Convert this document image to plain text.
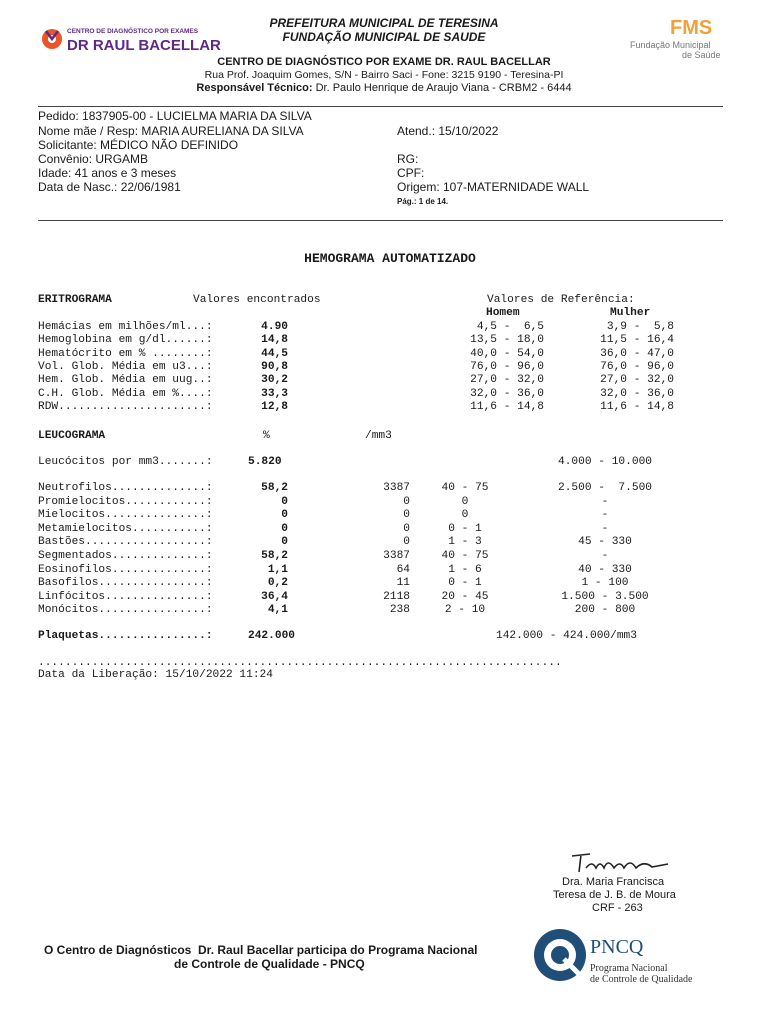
CENTRO DE DIAGNÓSTICO POR EXAMES
DR RAUL BACELLAR
FMS
Fundação Municipal
de Saúde
PREFEITURA MUNICIPAL DE TERESINA
FUNDAÇÃO MUNICIPAL DE SAUDE
CENTRO DE DIAGNÓSTICO POR EXAME DR. RAUL BACELLAR
Rua Prof. Joaquim Gomes, S/N - Bairro Saci - Fone: 3215 9190 - Teresina-PI
Responsável Técnico: Dr. Paulo Henrique de Araujo Viana - CRBM2 - 6444
Pedido: 1837905-00 - LUCIELMA MARIA DA SILVA
Nome mãe / Resp: MARIA AURELIANA DA SILVA	Atend.: 15/10/2022
Solicitante: MÉDICO NÃO DEFINIDO
Convênio: URGAMB	RG:
Idade: 41 anos e 3 meses	CPF:
Data de Nasc.: 22/06/1981	Origem: 107-MATERNIDADE WALL
Pág.: 1 de 14.
HEMOGRAMA AUTOMATIZADO
ERITROGRAMA	Valores encontrados	Valores de Referência:
Homem	Mulher
Hemácias em milhões/ml...:	4.90	4,5 -  6,5	3,9 -  5,8
Hemoglobina em g/dl......:	14,8	13,5 - 18,0	11,5 - 16,4
Hematócrito em % ........:	44,5	40,0 - 54,0	36,0 - 47,0
Vol. Glob. Média em u3...:	90,8	76,0 - 96,0	76,0 - 96,0
Hem. Glob. Média em uug..:	30,2	27,0 - 32,0	27,0 - 32,0
C.H. Glob. Média em %....:	33,3	32,0 - 36,0	32,0 - 36,0
RDW......................:	12,8	11,6 - 14,8	11,6 - 14,8
LEUCOGRAMA	%	/mm3
Leucócitos por mm3.......:	5.820	4.000 - 10.000
Neutrofilos..............:	58,2	3387	40 - 75	2.500 -  7.500
Promielocitos............:	0	0	0	-
Mielocitos...............:	0	0	0	-
Metamielocitos...........:	0	0	0 - 1	-
Bastões..................:	0	0	1 - 3	45 - 330
Segmentados..............:	58,2	3387	40 - 75	-
Eosinofilos..............:	1,1	64	1 - 6	40 - 330
Basofilos................:	0,2	11	0 - 1	1 - 100
Linfócitos...............:	36,4	2118	20 - 45	1.500 - 3.500
Monócitos................:	4,1	238	2 - 10	200 - 800
Plaquetas................:	242.000	142.000 - 424.000/mm3
..............................................................................
Data da Liberação: 15/10/2022 11:24
Dra. Maria Francisca
Teresa de J. B. de Moura
CRF - 263
O Centro de Diagnósticos  Dr. Raul Bacellar participa do Programa Nacional
de Controle de Qualidade - PNCQ
PNCQ
Programa Nacional
de Controle de Qualidade
